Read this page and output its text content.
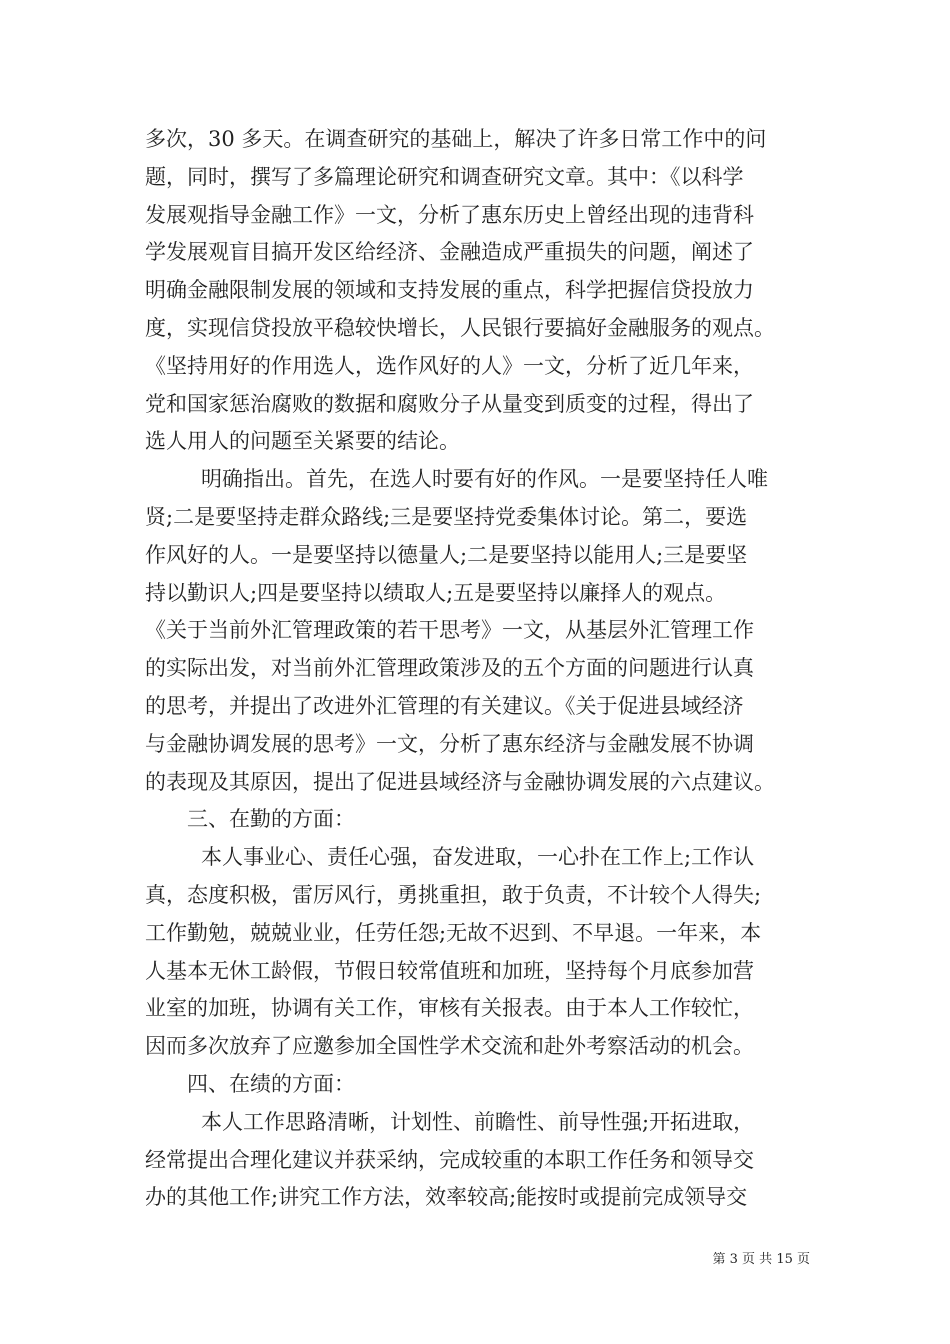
多次，30 多天。在调查研究的基础上，解决了许多日常工作中的问
题，同时，撰写了多篇理论研究和调查研究文章。其中：《以科学
发展观指导金融工作》一文，分析了惠东历史上曾经出现的违背科
学发展观盲目搞开发区给经济、金融造成严重损失的问题，阐述了
明确金融限制发展的领域和支持发展的重点，科学把握信贷投放力
度，实现信贷投放平稳较快增长，人民银行要搞好金融服务的观点。
《坚持用好的作用选人，选作风好的人》一文，分析了近几年来，
党和国家惩治腐败的数据和腐败分子从量变到质变的过程，得出了
选人用人的问题至关紧要的结论。
明确指出。首先，在选人时要有好的作风。一是要坚持任人唯
贤;二是要坚持走群众路线;三是要坚持党委集体讨论。第二，要选
作风好的人。一是要坚持以德量人;二是要坚持以能用人;三是要坚
持以勤识人;四是要坚持以绩取人;五是要坚持以廉择人的观点。
《关于当前外汇管理政策的若干思考》一文，从基层外汇管理工作
的实际出发，对当前外汇管理政策涉及的五个方面的问题进行认真
的思考，并提出了改进外汇管理的有关建议。《关于促进县域经济
与金融协调发展的思考》一文，分析了惠东经济与金融发展不协调
的表现及其原因，提出了促进县域经济与金融协调发展的六点建议。
三、在勤的方面：
本人事业心、责任心强，奋发进取，一心扑在工作上;工作认
真，态度积极，雷厉风行，勇挑重担，敢于负责，不计较个人得失;
工作勤勉，兢兢业业，任劳任怨;无故不迟到、不早退。一年来，本
人基本无休工龄假，节假日较常值班和加班，坚持每个月底参加营
业室的加班，协调有关工作，审核有关报表。由于本人工作较忙，
因而多次放弃了应邀参加全国性学术交流和赴外考察活动的机会。
四、在绩的方面：
本人工作思路清晰，计划性、前瞻性、前导性强;开拓进取，
经常提出合理化建议并获采纳，完成较重的本职工作任务和领导交
办的其他工作;讲究工作方法，效率较高;能按时或提前完成领导交
第 3 页 共 15 页
